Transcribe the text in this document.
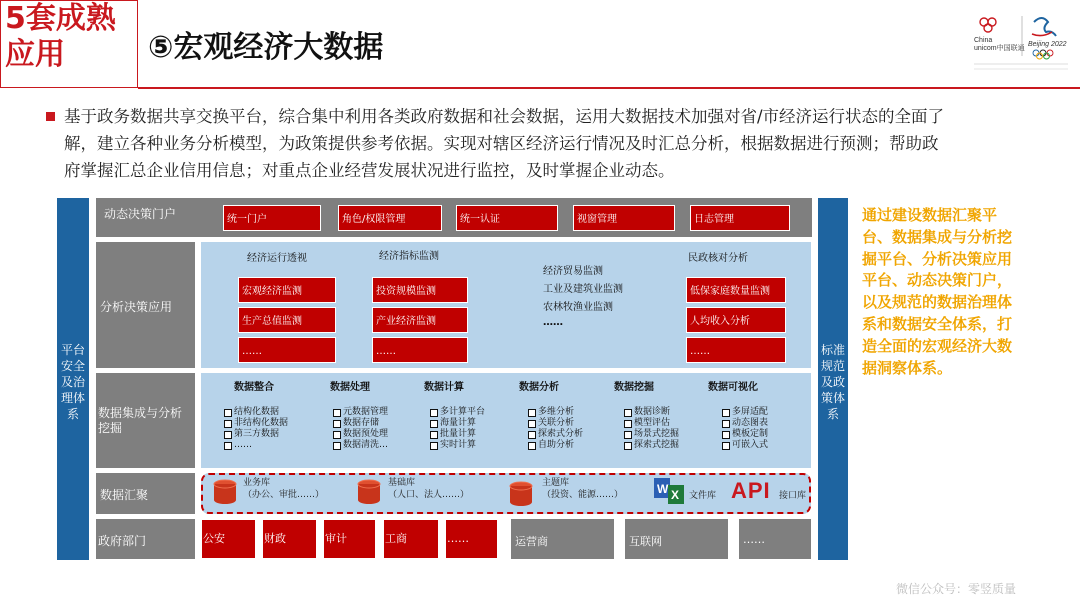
5套成熟
应用	⑤宏观经济大数据	China
unicom中国联通
Beijing 2022
基于政务数据共享交换平台，综合集中利用各类政府数据和社会数据，运用大数据技术加强对省/市经济运行状态的全面了解，建立各种业务分析模型，为政策提供参考依据。实现对辖区经济运行情况及时汇总分析，根据数据进行预测；帮助政府掌握汇总企业信用信息；对重点企业经营发展状况进行监控，及时掌握企业动态。
平台安全及治理体系
标准规范及政策体系
动态决策门户	统一门户	角色/权限管理	统一认证	视窗管理	日志管理
分析决策应用
经济运行透视
宏观经济监测
生产总值监测
……
经济指标监测
投资规模监测
产业经济监测
……
经济贸易监测
工业及建筑业监测
农林牧渔业监测
……
民政核对分析
低保家庭数量监测
人均收入分析
……
数据集成与分析挖掘
数据整合
结构化数据
非结构化数据
第三方数据
……
数据处理
元数据管理
数据存储
数据预处理
数据清洗…
数据计算
多计算平台
海量计算
批量计算
实时计算
数据分析
多维分析
关联分析
探索式分析
自助分析
数据挖掘
数据诊断
模型评估
场景式挖掘
探索式挖掘
数据可视化
多屏适配
动态图表
模板定制
可嵌入式
数据汇聚
业务库
（办公、审批……）
基础库
（人口、法人……）
主题库
（投资、能源……）	W X 文件库 API 接口库
政府部门	公安	财政	审计	工商	……	运营商	互联网	……
通过建设数据汇聚平台、数据集成与分析挖掘平台、分析决策应用平台、动态决策门户，以及规范的数据治理体系和数据安全体系，打造全面的宏观经济大数据洞察体系。
微信公众号：零竖质量
